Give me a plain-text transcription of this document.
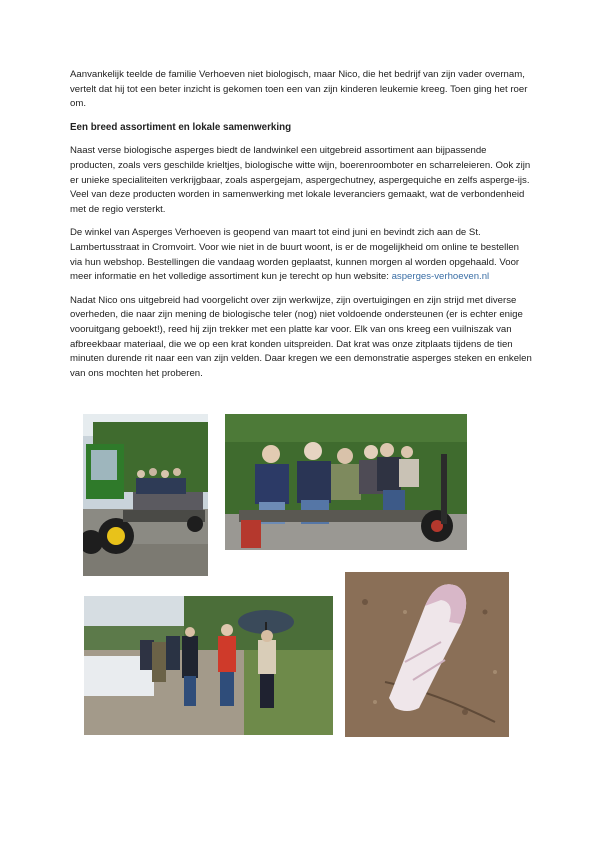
Aanvankelijk teelde de familie Verhoeven niet biologisch, maar Nico, die het bedrijf van zijn vader overnam, vertelt dat hij tot een beter inzicht is gekomen toen een van zijn kinderen leukemie kreeg. Toen ging het roer om.

Een breed assortiment en lokale samenwerking

Naast verse biologische asperges biedt de landwinkel een uitgebreid assortiment aan bijpassende producten, zoals vers geschilde krieltjes, biologische witte wijn, boerenroomboter en scharreleieren. Ook zijn er unieke specialiteiten verkrijgbaar, zoals aspergejam, aspergechutney, aspergequiche en zelfs asperge-ijs. Veel van deze producten worden in samenwerking met lokale leveranciers gemaakt, wat de verbondenheid met de regio versterkt.

De winkel van Asperges Verhoeven is geopend van maart tot eind juni en bevindt zich aan de St. Lambertusstraat in Cromvoirt. Voor wie niet in de buurt woont, is er de mogelijkheid om online te bestellen via hun webshop. Bestellingen die vandaag worden geplaatst, kunnen morgen al worden opgehaald. Voor meer informatie en het volledige assortiment kun je terecht op hun website: asperges-verhoeven.nl

Nadat Nico ons uitgebreid had voorgelicht over zijn werkwijze, zijn overtuigingen en zijn strijd met diverse overheden, die naar zijn mening de biologische teler (nog) niet voldoende ondersteunen (er is echter enige vooruitgang geboekt!), reed hij zijn trekker met een platte kar voor. Elk van ons kreeg een vuilniszak van afbreekbaar materiaal, die we op een krat konden uitspreiden. Dat krat was onze zitplaats tijdens de tien minuten durende rit naar een van zijn velden. Daar kregen we een demonstratie asperges steken en enkelen van ons mochten het proberen.
